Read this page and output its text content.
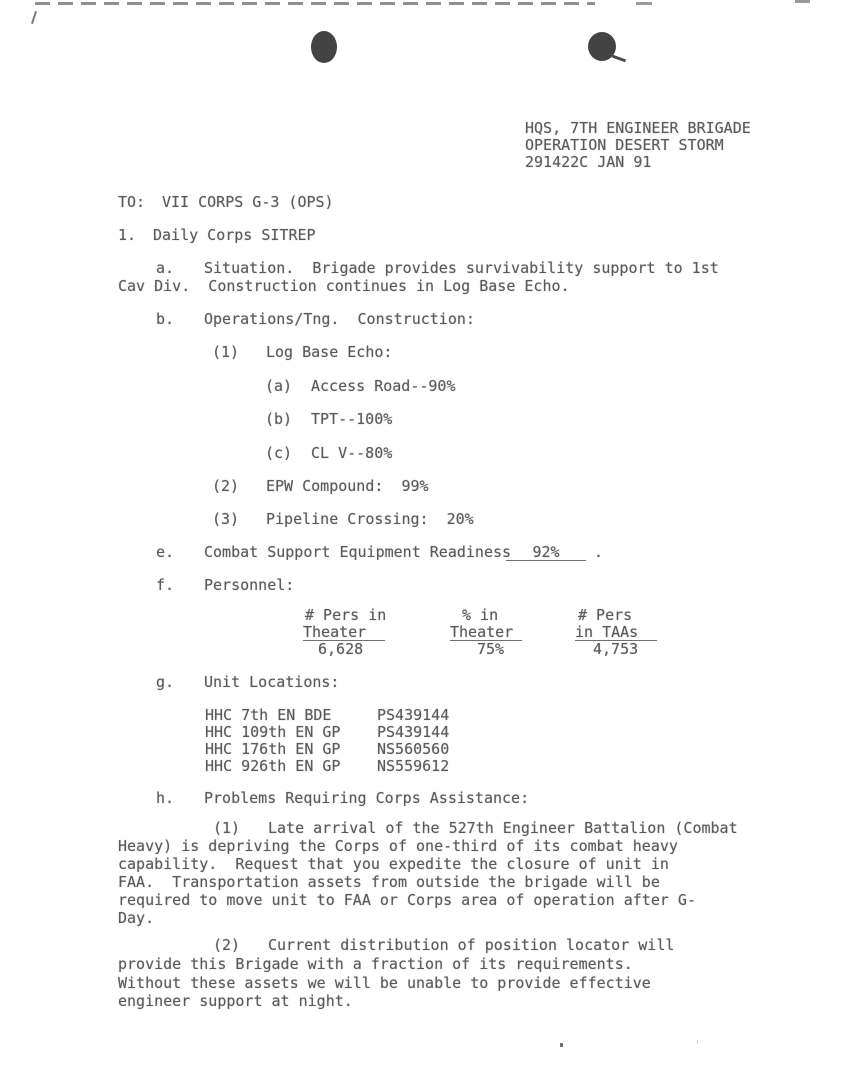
HQS, 7TH ENGINEER BRIGADE
OPERATION DESERT STORM
291422C JAN 91
TO: VII CORPS G-3 (OPS)
1. Daily Corps SITREP
a. Situation.  Brigade provides survivability support to 1st
Cav Div.  Construction continues in Log Base Echo.
b. Operations/Tng.  Construction:
(1) Log Base Echo:
(a) Access Road--90%
(b) TPT--100%
(c) CL V--80%
(2) EPW Compound:  99%
(3) Pipeline Crossing:  20%
e. Combat Support Equipment Readiness	92%	.
f. Personnel:
# Pers in	% in	# Pers
Theater	Theater	in TAAs
6,628	75%	4,753
g. Unit Locations:
HHC 7th EN BDE	PS439144
HHC 109th EN GP PS439144
HHC 176th EN GP NS560560
HHC 926th EN GP NS559612
h. Problems Requiring Corps Assistance:
(1) Late arrival of the 527th Engineer Battalion (Combat
Heavy) is depriving the Corps of one-third of its combat heavy
capability.  Request that you expedite the closure of unit in
FAA.  Transportation assets from outside the brigade will be
required to move unit to FAA or Corps area of operation after G-
Day.
(2) Current distribution of position locator will
provide this Brigade with a fraction of its requirements.
Without these assets we will be unable to provide effective
engineer support at night.
